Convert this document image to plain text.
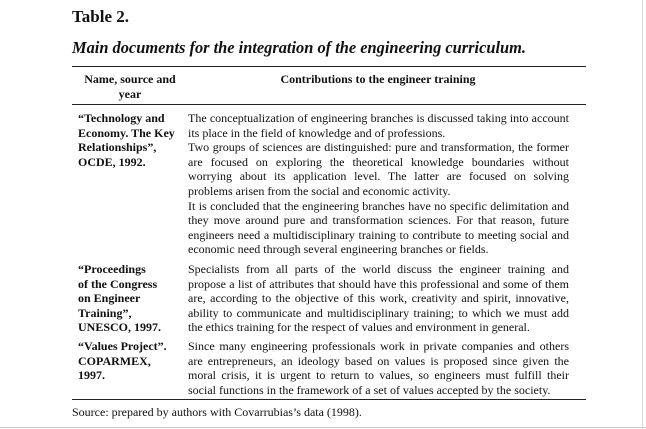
Table 2.
Main documents for the integration of the engineering curriculum.
Name, source and
year
Contributions to the engineer training
“Technology and
Economy. The Key
Relationships”,
OCDE, 1992.

The conceptualization of engineering branches is discussed taking into account its place in the field of knowledge and of professions.

Two groups of sciences are distinguished: pure and transformation, the former are focused on exploring the theoretical knowledge boundaries without worrying about its application level. The latter are focused on solving problems arisen from the social and economic activity.

It is concluded that the engineering branches have no specific delimitation and they move around pure and transformation sciences. For that reason, future engineers need a multidisciplinary training to contribute to meeting social and economic need through several engineering branches or fields.

“Proceedings
of the Congress
on Engineer
Training”,
UNESCO, 1997.

Specialists from all parts of the world discuss the engineer training and propose a list of attributes that should have this professional and some of them are, according to the objective of this work, creativity and spirit, innovative, ability to communicate and multidisciplinary training; to which we must add the ethics training for the respect of values and environment in general.

“Values Project”.
COPARMEX,
1997.

Since many engineering professionals work in private companies and others are entrepreneurs, an ideology based on values is proposed since given the moral crisis, it is urgent to return to values, so engineers must fulfill their social functions in the framework of a set of values accepted by the society.

Source: prepared by authors with Covarrubias’s data (1998).
